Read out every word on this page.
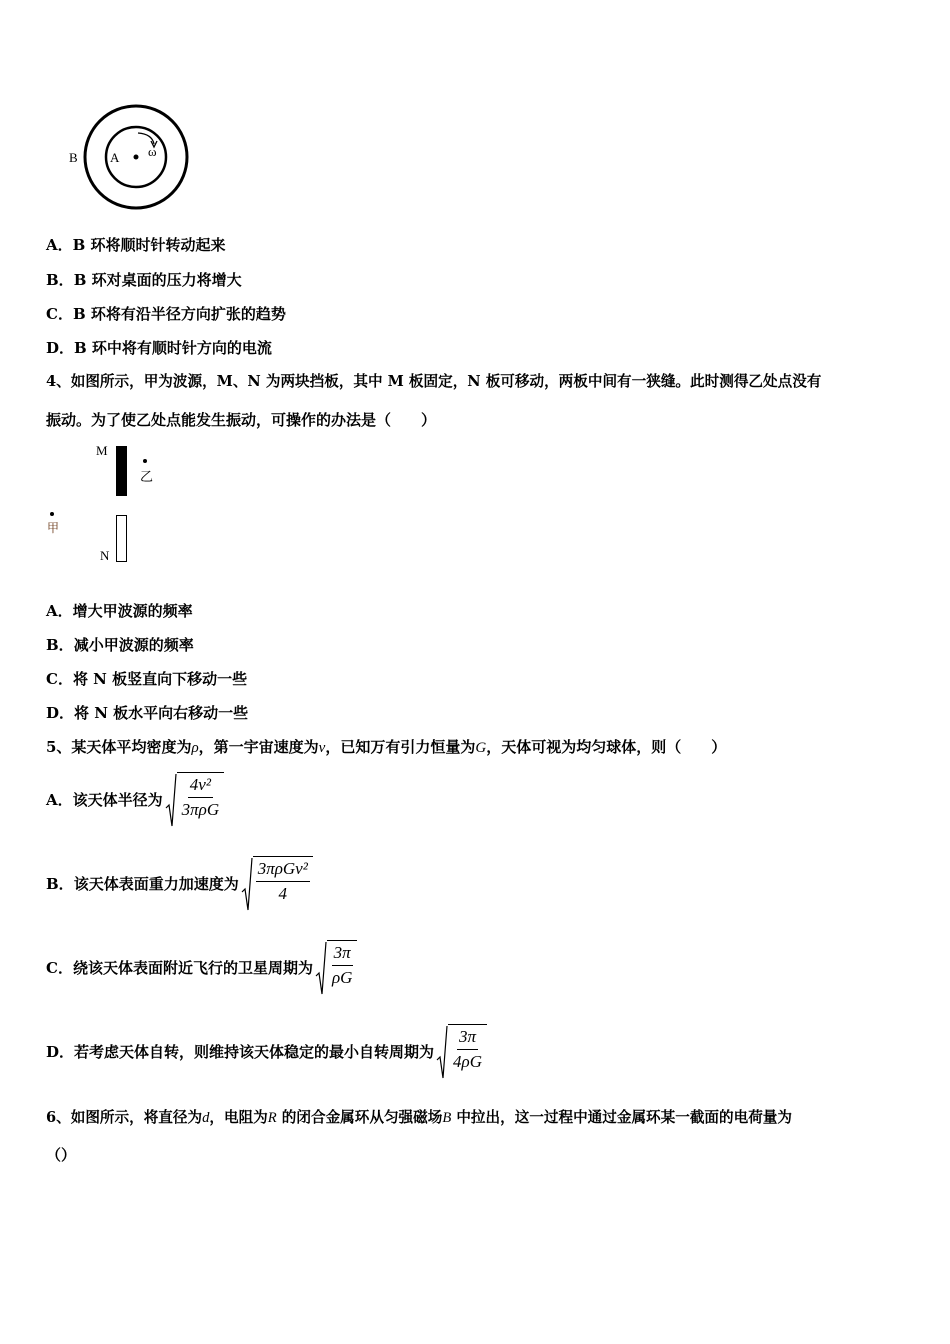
B A ω
A．B 环将顺时针转动起来
B．B 环对桌面的压力将增大
C．B 环将有沿半径方向扩张的趋势
D．B 环中将有顺时针方向的电流
4、如图所示，甲为波源，M、N 为两块挡板，其中 M 板固定，N 板可移动，两板中间有一狭缝。此时测得乙处点没有
振动。为了使乙处点能发生振动，可操作的办法是（　　）
M
乙
甲
N
A．增大甲波源的频率
B．减小甲波源的频率
C．将 N 板竖直向下移动一些
D．将 N 板水平向右移动一些
5、某天体平均密度为ρ，第一宇宙速度为v，已知万有引力恒量为G，天体可视为均匀球体，则（　　）
A． 该天体半径为 $\frac{\text{4v²}}{\text{3πρG}}$
B． 该天体表面重力加速度为 $\frac{\text{3πρGv²}}{4}$
C． 绕该天体表面附近飞行的卫星周期为 $\frac{3\pi}{\rho G}$
D． 若考虑天体自转，则维持该天体稳定的最小自转周期为 $\frac{3\pi}{4\rho G}$
6、如图所示，将直径为d，电阻为R 的闭合金属环从匀强磁场B 中拉出，这一过程中通过金属环某一截面的电荷量为
（）
